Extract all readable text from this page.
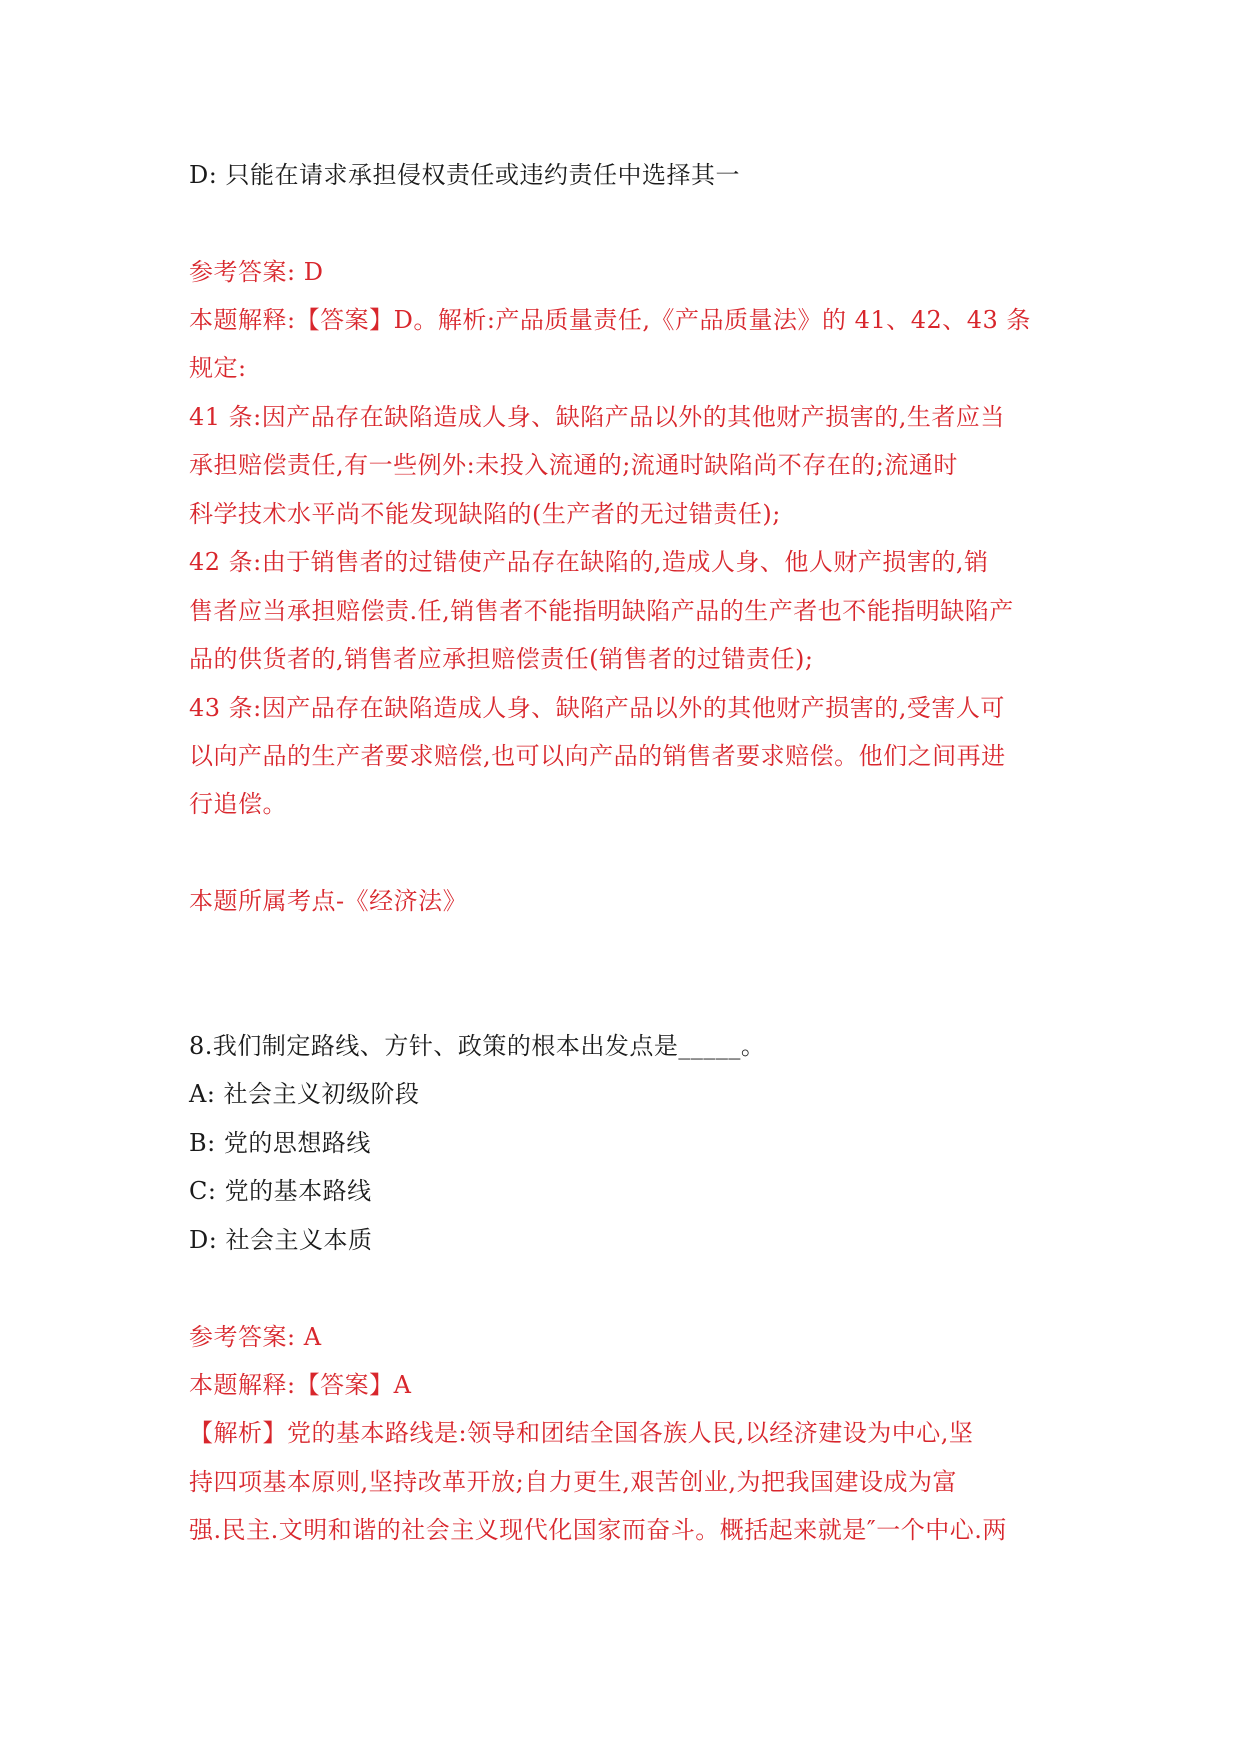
D: 只能在请求承担侵权责任或违约责任中选择其一
参考答案: D
本题解释:【答案】D。解析:产品质量责任,《产品质量法》的 41、42、43 条
规定:
41 条:因产品存在缺陷造成人身、缺陷产品以外的其他财产损害的,生者应当
承担赔偿责任,有一些例外:未投入流通的;流通时缺陷尚不存在的;流通时
科学技术水平尚不能发现缺陷的(生产者的无过错责任);
42 条:由于销售者的过错使产品存在缺陷的,造成人身、他人财产损害的,销
售者应当承担赔偿责.任,销售者不能指明缺陷产品的生产者也不能指明缺陷产
品的供货者的,销售者应承担赔偿责任(销售者的过错责任);
43 条:因产品存在缺陷造成人身、缺陷产品以外的其他财产损害的,受害人可
以向产品的生产者要求赔偿,也可以向产品的销售者要求赔偿。他们之间再进
行追偿。
本题所属考点-《经济法》
8.我们制定路线、方针、政策的根本出发点是_____。
A: 社会主义初级阶段
B: 党的思想路线
C: 党的基本路线
D: 社会主义本质
参考答案: A
本题解释:【答案】A
【解析】党的基本路线是:领导和团结全国各族人民,以经济建设为中心,坚
持四项基本原则,坚持改革开放;自力更生,艰苦创业,为把我国建设成为富
强.民主.文明和谐的社会主义现代化国家而奋斗。概括起来就是″一个中心.两
